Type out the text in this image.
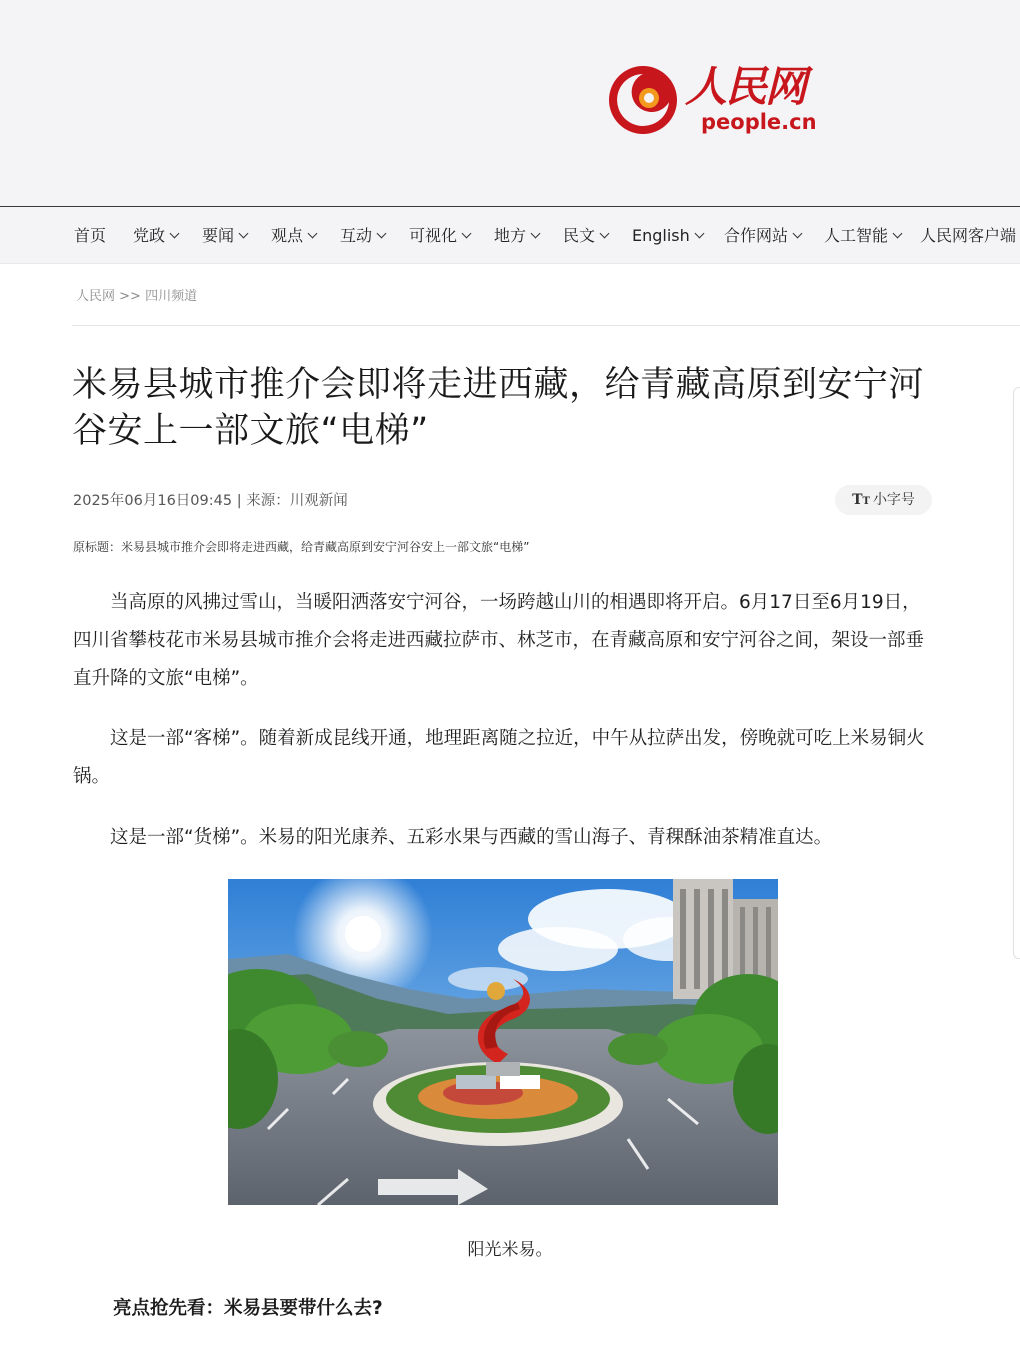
人民网
people.cn
首页 党政	要闻	观点	互动	可视化	地方	民文	English	合作网站	人工智能	人民网客户端
人民网 >> 四川频道
米易县城市推介会即将走进西藏，给青藏高原到安宁河谷安上一部文旅“电梯”
2025年06月16日09:45 | 来源：川观新闻	TT 小字号
原标题：米易县城市推介会即将走进西藏，给青藏高原到安宁河谷安上一部文旅“电梯”

当高原的风拂过雪山，当暖阳洒落安宁河谷，一场跨越山川的相遇即将开启。6月17日至6月19日，四川省攀枝花市米易县城市推介会将走进西藏拉萨市、林芝市，在青藏高原和安宁河谷之间，架设一部垂直升降的文旅“电梯”。

这是一部“客梯”。随着新成昆线开通，地理距离随之拉近，中午从拉萨出发，傍晚就可吃上米易铜火锅。

这是一部“货梯”。米易的阳光康养、五彩水果与西藏的雪山海子、青稞酥油茶精准直达。

阳光米易。
亮点抢先看：米易县要带什么去?
